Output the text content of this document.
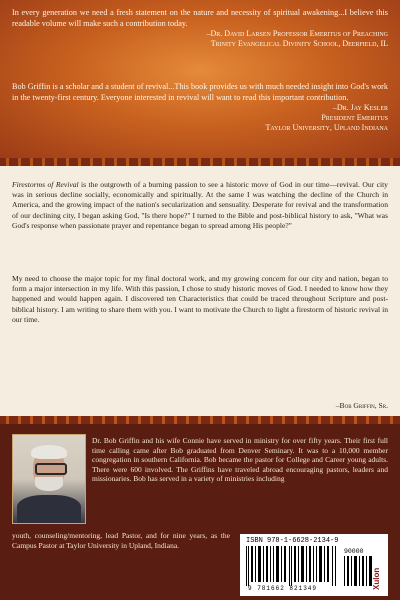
In every generation we need a fresh statement on the nature and necessity of spiritual awakening...I believe this readable volume will make such a contribution today.

–Dr. David Larsen Professor Emeritus of Preaching

Trinity Evangelical Divinity School, Deerfield, IL

Bob Griffin is a scholar and a student of revival...This book provides us with much needed insight into God's work in the twenty-first century. Everyone interested in revival will want to read this important contribution.

–Dr. Jay Kesler

President Emeritus

Taylor University, Upland Indiana

Firestorms of Revival is the outgrowth of a burning passion to see a historic move of God in our time—revival. Our city was in serious decline socially, economically and spiritually. At the same I was watching the decline of the Church in America, and the growing impact of the nation's secularization and sensuality. Desperate for revival and the transformation of our declining city, I began asking God, "Is there hope?" I turned to the Bible and post-biblical history to ask, "What was God's response when passionate prayer and repentance began to spread among His people?"

My need to choose the major topic for my final doctoral work, and my growing concern for our city and nation, began to form a major intersection in my life. With this passion, I chose to study historic moves of God. I needed to know how they happened and would happen again. I discovered ten Characteristics that could be traced throughout Scripture and post-biblical history. I am writing to share them with you. I want to motivate the Church to light a firestorm of historic revival in our time.

–Bob Griffin, Sr.

Dr. Bob Griffin and his wife Connie have served in ministry for over fifty years. Their first full time calling came after Bob graduated from Denver Seminary. It was to a 10,000 member congregation in southern California. Bob became the pastor for College and Career young adults. There were 600 involved. The Griffins have traveled abroad encouraging pastors, leaders and missionaries. Bob has served in a variety of ministries including

youth, counseling/mentoring, lead Pastor, and for nine years, as the Campus Pastor at Taylor University in Upland, Indiana.	ISBN 978-1-6628-2134-9
9 781662 821349
90000
Xulon
